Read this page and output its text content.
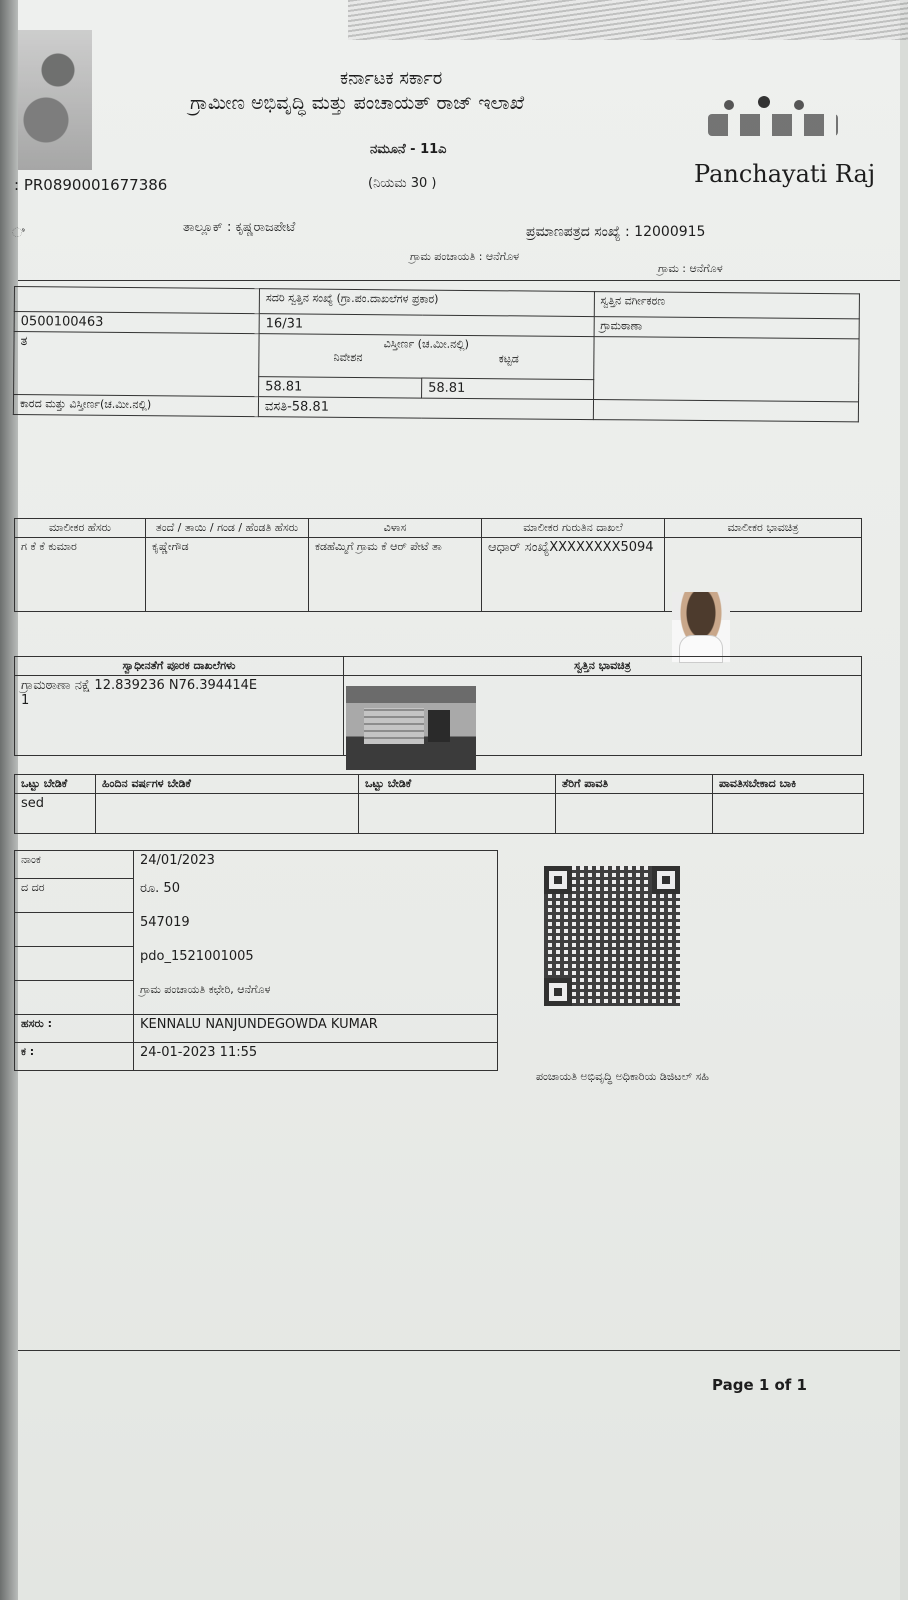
ಕರ್ನಾಟಕ ಸರ್ಕಾರ
ಗ್ರಾಮೀಣ ಅಭಿವೃದ್ಧಿ ಮತ್ತು ಪಂಚಾಯತ್ ರಾಜ್ ಇಲಾಖೆ
ನಮೂನೆ - 11ಎ
(ನಿಯಮ 30 )
: PR0890001677386	Panchayati Raj
ಿ	ತಾಲ್ಲೂಕ್ : ಕೃಷ್ಣರಾಜಪೇಟೆ	ಪ್ರಮಾಣಪತ್ರದ ಸಂಖ್ಯೆ : 12000915
ಗ್ರಾಮ ಪಂಚಾಯತಿ : ಆನೆಗೊಳ
ಗ್ರಾಮ : ಆನೆಗೊಳ
	ಸದರಿ ಸ್ವತ್ತಿನ ಸಂಖ್ಯೆ (ಗ್ರಾ.ಪಂ.ದಾಖಲೆಗಳ ಪ್ರಕಾರ)		ಸ್ವತ್ತಿನ ವರ್ಗೀಕರಣ
0500100463	16/31		ಗ್ರಾಮಠಾಣಾ
ತ	ವಿಸ್ತೀರ್ಣ (ಚ.ಮೀ.ನಲ್ಲಿ)
ನಿವೇಶನ ಕಟ್ಟಡ		

	58.81	58.81	
ಕಾರದ ಮತ್ತು ವಿಸ್ತೀರ್ಣ(ಚ.ಮೀ.ನಲ್ಲಿ)	ವಸತಿ-58.81		
ಮಾಲೀಕರ ಹೆಸರು	ತಂದೆ / ತಾಯಿ / ಗಂಡ / ಹೆಂಡತಿ ಹೆಸರು	ವಿಳಾಸ	ಮಾಲೀಕರ ಗುರುತಿನ ದಾಖಲೆ	ಮಾಲೀಕರ ಭಾವಚಿತ್ರ
ಗ ಕೆ ಕೆ ಕುಮಾರ	ಕೃಷ್ಣೇಗೌಡ	ಕಡಹೆಮ್ಮಿಗೆ ಗ್ರಾಮ ಕೆ ಆರ್ ಪೇಟೆ ತಾ	ಆಧಾರ್ ಸಂಖ್ಯೆXXXXXXXX5094	
ಸ್ವಾಧೀನತೆಗೆ ಪೂರಕ ದಾಖಲೆಗಳು	ಸ್ವತ್ತಿನ ಭಾವಚಿತ್ರ

ಗ್ರಾಮಠಾಣಾ ನಕ್ಷೆ 12.839236 N76.394414E
1	

ಒಟ್ಟು ಬೇಡಿಕೆ	ಹಿಂದಿನ ವರ್ಷಗಳ ಬೇಡಿಕೆ	ಒಟ್ಟು ಬೇಡಿಕೆ	ತೆರಿಗೆ ಪಾವತಿ	ಪಾವತಿಸಬೇಕಾದ ಬಾಕಿ
sed				
ನಾಂಕ	24/01/2023
ದ ದರ	ರೂ. 50
	547019
	pdo_1521001005
	ಗ್ರಾಮ ಪಂಚಾಯತಿ ಕಛೇರಿ, ಆನೆಗೊಳ
ಹಸರು :	KENNALU NANJUNDEGOWDA KUMAR
ಕ :	24-01-2023 11:55
ಪಂಚಾಯತಿ ಅಭಿವೃದ್ಧಿ ಅಧಿಕಾರಿಯ ಡಿಜಿಟಲ್ ಸಹಿ
Page 1 of 1
